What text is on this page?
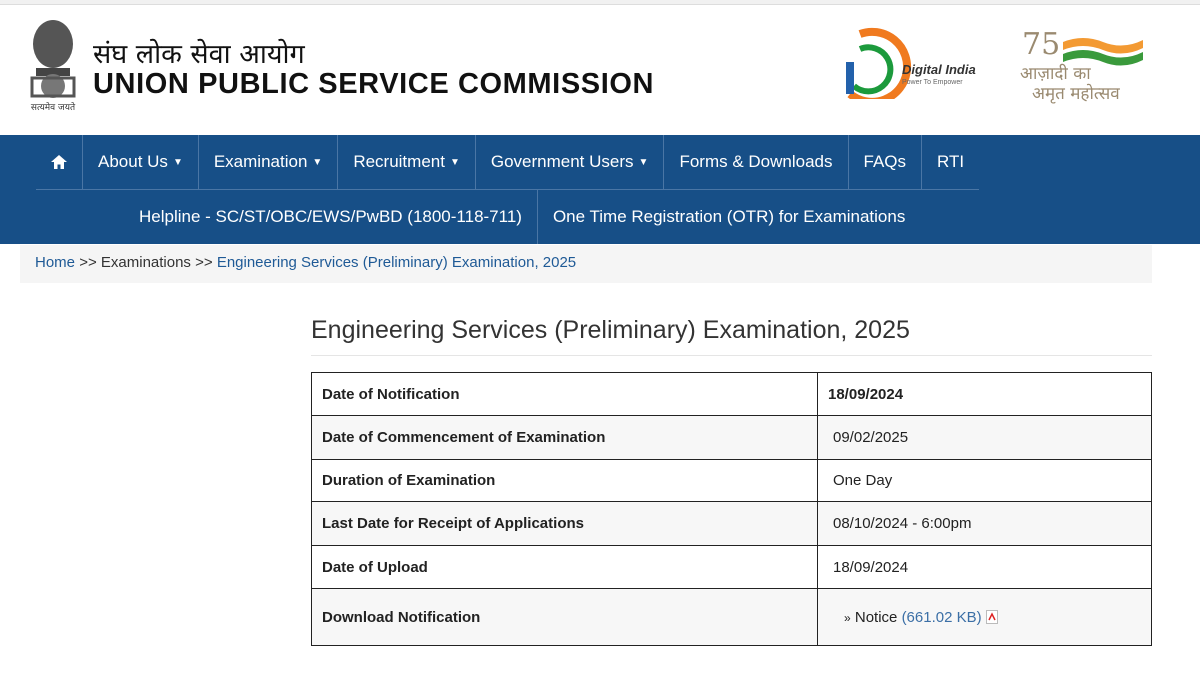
सत्यमेव जयते
संघ लोक सेवा आयोग
UNION PUBLIC SERVICE COMMISSION	Digital India
Power To Empower
75
आज़ादी का
अमृत महोत्सव
About Us ▼ Examination ▼ Recruitment ▼ Government Users ▼	Forms & Downloads	FAQs	RTI
Helpline - SC/ST/OBC/EWS/PwBD (1800-118-711)	One Time Registration (OTR) for Examinations
Home >> Examinations >> Engineering Services (Preliminary) Examination, 2025
Engineering Services (Preliminary) Examination, 2025
Date of Notification	18/09/2024
Date of Commencement of Examination	09/02/2025
Duration of Examination	One Day
Last Date for Receipt of Applications	08/10/2024 - 6:00pm
Date of Upload	18/09/2024
Download Notification	» Notice (661.02 KB)
